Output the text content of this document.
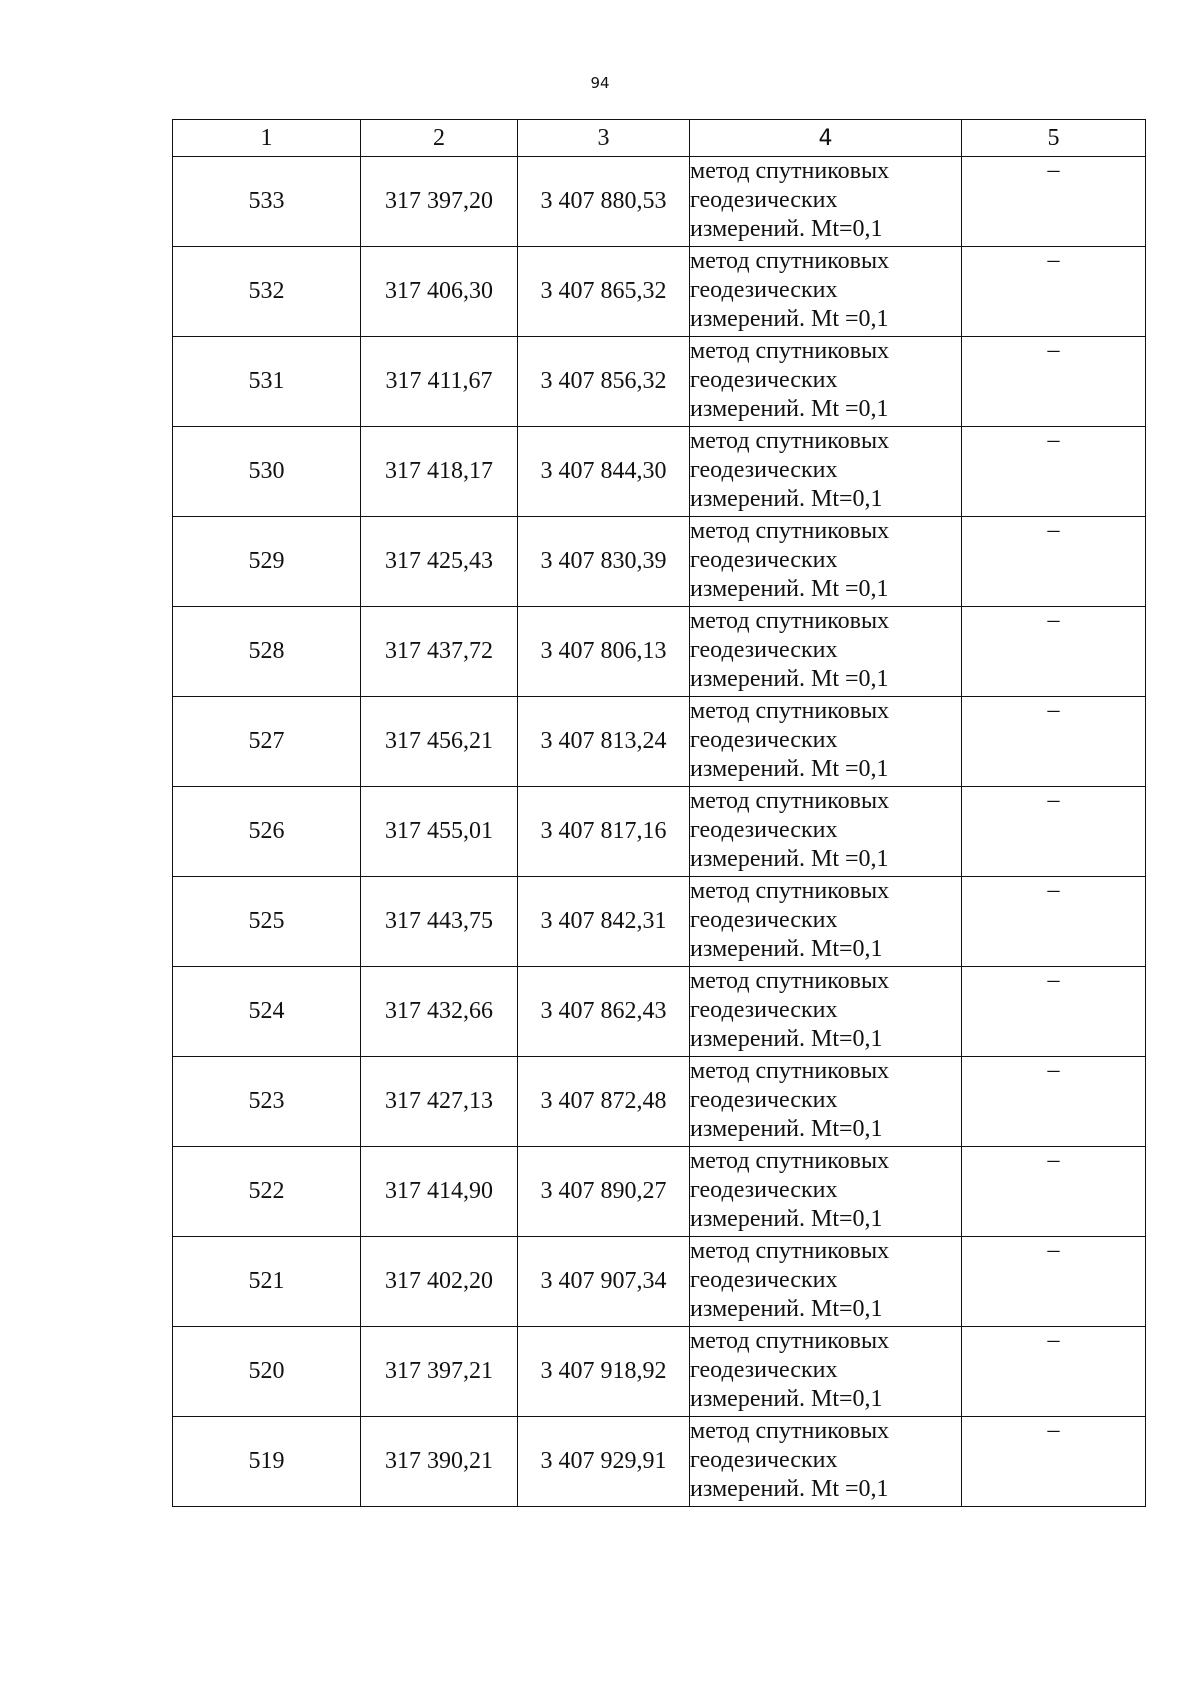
94
1	2	3	4	5
533	317 397,20	3 407 880,53	метод спутниковых
геодезических
измерений. Mt=0,1	–
532	317 406,30	3 407 865,32	метод спутниковых
геодезических
измерений. Mt =0,1	–
531	317 411,67	3 407 856,32	метод спутниковых
геодезических
измерений. Mt =0,1	–
530	317 418,17	3 407 844,30	метод спутниковых
геодезических
измерений. Mt=0,1	–
529	317 425,43	3 407 830,39	метод спутниковых
геодезических
измерений. Mt =0,1	–
528	317 437,72	3 407 806,13	метод спутниковых
геодезических
измерений. Mt =0,1	–
527	317 456,21	3 407 813,24	метод спутниковых
геодезических
измерений. Mt =0,1	–
526	317 455,01	3 407 817,16	метод спутниковых
геодезических
измерений. Mt =0,1	–
525	317 443,75	3 407 842,31	метод спутниковых
геодезических
измерений. Mt=0,1	–
524	317 432,66	3 407 862,43	метод спутниковых
геодезических
измерений. Mt=0,1	–
523	317 427,13	3 407 872,48	метод спутниковых
геодезических
измерений. Mt=0,1	–
522	317 414,90	3 407 890,27	метод спутниковых
геодезических
измерений. Mt=0,1	–
521	317 402,20	3 407 907,34	метод спутниковых
геодезических
измерений. Mt=0,1	–
520	317 397,21	3 407 918,92	метод спутниковых
геодезических
измерений. Mt=0,1	–
519	317 390,21	3 407 929,91	метод спутниковых
геодезических
измерений. Mt =0,1	–
